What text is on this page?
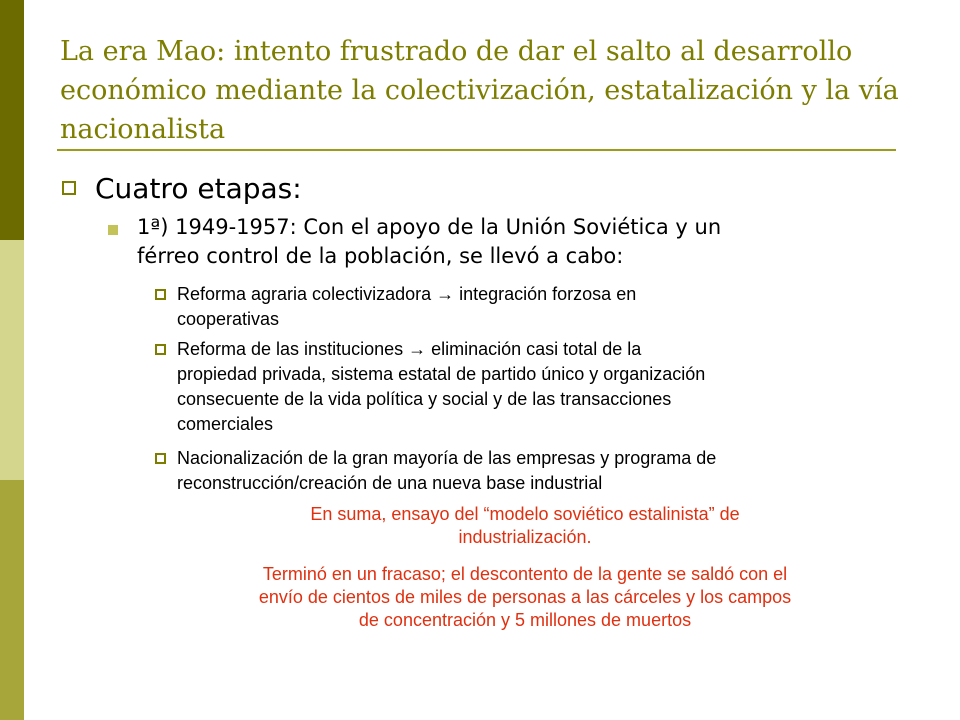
La era Mao: intento frustrado de dar el salto al desarrollo
económico mediante la colectivización, estatalización y la vía
nacionalista
Cuatro etapas:
1ª) 1949-1957: Con el apoyo de la Unión Soviética y un
férreo control de la población, se llevó a cabo:
Reforma agraria colectivizadora → integración forzosa en
cooperativas
Reforma de las instituciones → eliminación casi total de la
propiedad privada, sistema estatal de partido único y organización
consecuente de la vida política y social y de las transacciones
comerciales
Nacionalización de la gran mayoría de las empresas y programa de
reconstrucción/creación de una nueva base industrial
En suma, ensayo del “modelo soviético estalinista” de
industrialización.
Terminó en un fracaso; el descontento de la gente se saldó con el
envío de cientos de miles de personas a las cárceles y los campos
de concentración y 5 millones de muertos
